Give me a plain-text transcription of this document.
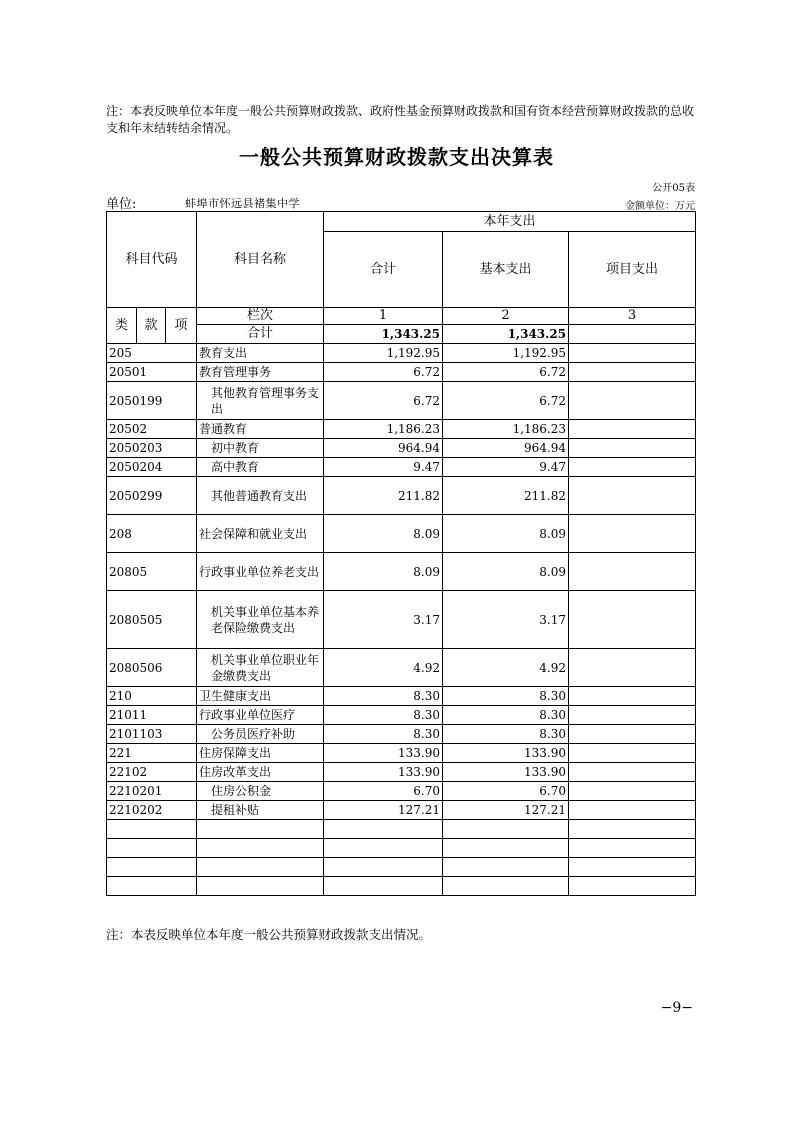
注：本表反映单位本年度一般公共预算财政拨款、政府性基金预算财政拨款和国有资本经营预算财政拨款的总收支和年末结转结余情况。
一般公共预算财政拨款支出决算表
公开05表
单位:	蚌埠市怀远县褚集中学	金额单位：万元
科目代码			科目名称	本年支出		
				合计	基本支出	项目支出
类	款	项	栏次	1	2	3
			合计	1,343.25	1,343.25	
205			教育支出	1,192.95	1,192.95	
20501			教育管理事务	6.72	6.72	
2050199			其他教育管理事务支出	6.72	6.72	
20502			普通教育	1,186.23	1,186.23	
2050203			初中教育	964.94	964.94	
2050204			高中教育	9.47	9.47	
2050299			其他普通教育支出	211.82	211.82	
208			社会保障和就业支出	8.09	8.09	
20805			行政事业单位养老支出	8.09	8.09	
2080505			机关事业单位基本养老保险缴费支出	3.17	3.17	
2080506			机关事业单位职业年金缴费支出	4.92	4.92	
210			卫生健康支出	8.30	8.30	
21011			行政事业单位医疗	8.30	8.30	
2101103			公务员医疗补助	8.30	8.30	
221			住房保障支出	133.90	133.90	
22102			住房改革支出	133.90	133.90	
2210201			住房公积金	6.70	6.70	
2210202			提租补贴	127.21	127.21	

注：本表反映单位本年度一般公共预算财政拨款支出情况。
−9−
